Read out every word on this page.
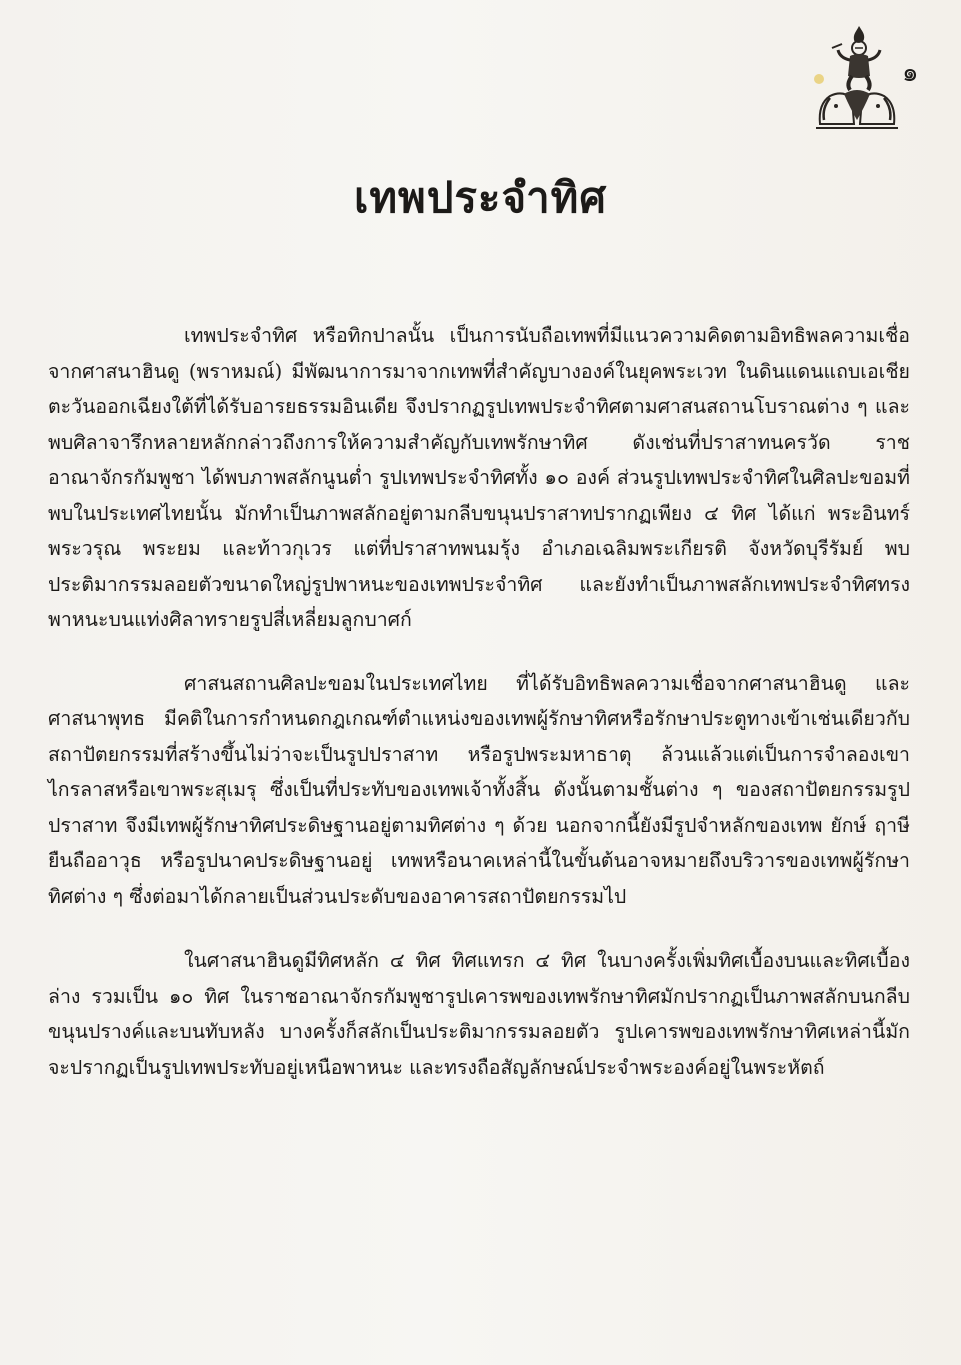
๑
เทพประจำทิศ

เทพประจำทิศ หรือทิกปาลนั้น เป็นการนับถือเทพที่มีแนวความคิดตามอิทธิพลความเชื่อจากศาสนาฮินดู (พราหมณ์) มีพัฒนาการมาจากเทพที่สำคัญบางองค์ในยุคพระเวท ในดินแดนแถบเอเชียตะวันออกเฉียงใต้ที่ได้รับอารยธรรมอินเดีย จึงปรากฏรูปเทพประจำทิศตามศาสนสถานโบราณต่าง ๆ และพบศิลาจารึกหลายหลักกล่าวถึงการให้ความสำคัญกับเทพรักษาทิศ ดังเช่นที่ปราสาทนครวัด ราชอาณาจักรกัมพูชา ได้พบภาพสลักนูนต่ำ รูปเทพประจำทิศทั้ง ๑๐ องค์ ส่วนรูปเทพประจำทิศในศิลปะขอมที่พบในประเทศไทยนั้น มักทำเป็นภาพสลักอยู่ตามกลีบขนุนปราสาทปรากฏเพียง ๔ ทิศ ได้แก่ พระอินทร์ พระวรุณ พระยม และท้าวกุเวร แต่ที่ปราสาทพนมรุ้ง อำเภอเฉลิมพระเกียรติ จังหวัดบุรีรัมย์ พบประติมากรรมลอยตัวขนาดใหญ่รูปพาหนะของเทพประจำทิศ และยังทำเป็นภาพสลักเทพประจำทิศทรงพาหนะบนแท่งศิลาทรายรูปสี่เหลี่ยมลูกบาศก์

ศาสนสถานศิลปะขอมในประเทศไทย ที่ได้รับอิทธิพลความเชื่อจากศาสนาฮินดู และศาสนาพุทธ มีคติในการกำหนดกฎเกณฑ์ตำแหน่งของเทพผู้รักษาทิศหรือรักษาประตูทางเข้าเช่นเดียวกับสถาปัตยกรรมที่สร้างขึ้นไม่ว่าจะเป็นรูปปราสาท หรือรูปพระมหาธาตุ ล้วนแล้วแต่เป็นการจำลองเขาไกรลาสหรือเขาพระสุเมรุ ซึ่งเป็นที่ประทับของเทพเจ้าทั้งสิ้น ดังนั้นตามชั้นต่าง ๆ ของสถาปัตยกรรมรูปปราสาท จึงมีเทพผู้รักษาทิศประดิษฐานอยู่ตามทิศต่าง ๆ ด้วย นอกจากนี้ยังมีรูปจำหลักของเทพ ยักษ์ ฤาษียืนถืออาวุธ หรือรูปนาคประดิษฐานอยู่ เทพหรือนาคเหล่านี้ในขั้นต้นอาจหมายถึงบริวารของเทพผู้รักษาทิศต่าง ๆ ซึ่งต่อมาได้กลายเป็นส่วนประดับของอาคารสถาปัตยกรรมไป

ในศาสนาฮินดูมีทิศหลัก ๔ ทิศ ทิศแทรก ๔ ทิศ ในบางครั้งเพิ่มทิศเบื้องบนและทิศเบื้องล่าง รวมเป็น ๑๐ ทิศ ในราชอาณาจักรกัมพูชารูปเคารพของเทพรักษาทิศมักปรากฏเป็นภาพสลักบนกลีบขนุนปรางค์และบนทับหลัง บางครั้งก็สลักเป็นประติมากรรมลอยตัว รูปเคารพของเทพรักษาทิศเหล่านี้มักจะปรากฏเป็นรูปเทพประทับอยู่เหนือพาหนะ และทรงถือสัญลักษณ์ประจำพระองค์อยู่ในพระหัตถ์
